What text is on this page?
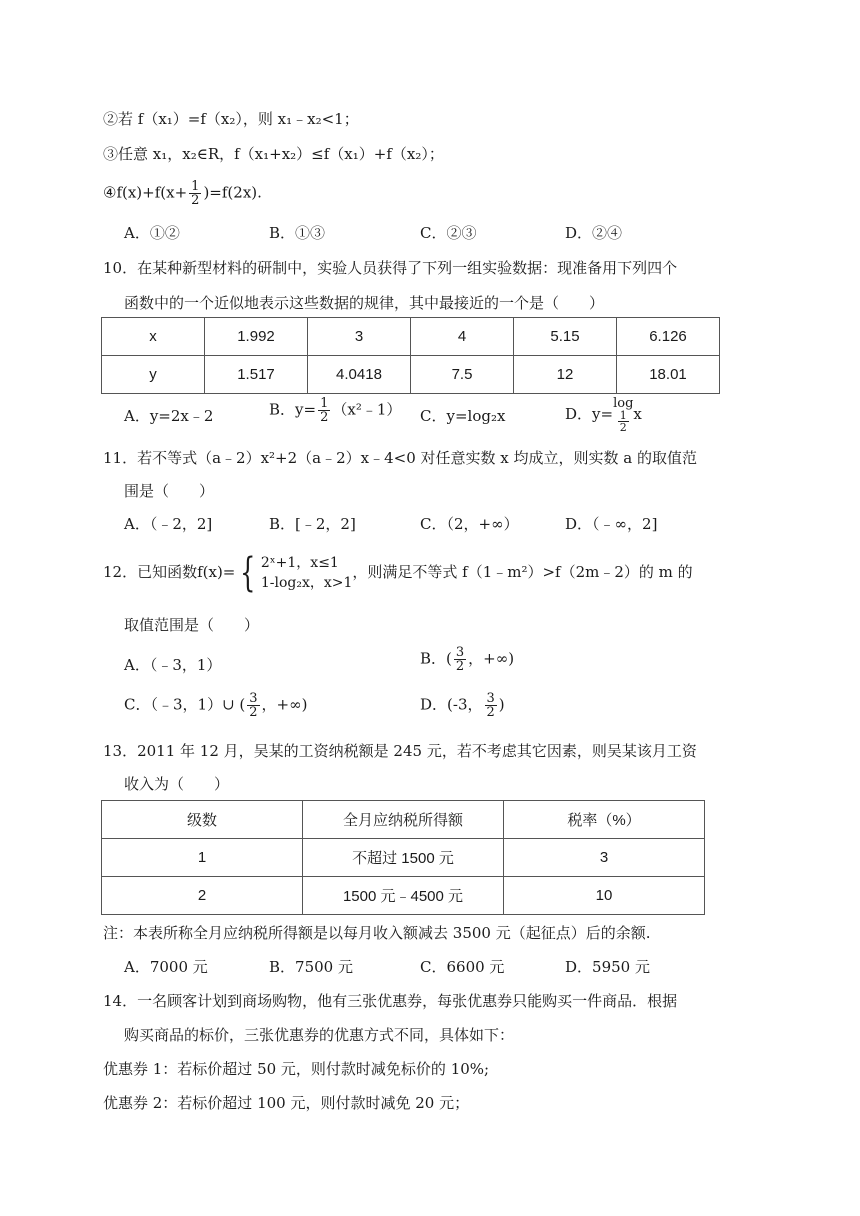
②若 f（x₁）=f（x₂），则 x₁﹣x₂<1；
③任意 x₁，x₂∈R，f（x₁+x₂）≤f（x₁）+f（x₂）；
④f(x)+f(x+ $\frac{1}{2} )=f(2x)$.
A．①②	B．①③	C．②③	D．②④
10．在某种新型材料的研制中，实验人员获得了下列一组实验数据：现准备用下列四个
函数中的一个近似地表示这些数据的规律，其中最接近的一个是（　　）
x	1.992	3	4	5.15	6.126
y	1.517	4.0418	7.5	12	18.01
A．y=2x﹣2	B．$y= \frac{1}{2}$ （x²﹣1） C．y=log₂x	D．y=
log
$\frac{1}{2}$ x
11．若不等式（a﹣2）x²+2（a﹣2）x﹣4<0 对任意实数 x 均成立，则实数 a 的取值范
围是（　　）
A．（﹣2，2]	B．[﹣2，2]	C．（2，+∞）	D．（﹣∞，2]
12．已知函数f(x)= { 2ˣ+1，x≤1
1-log₂x，x>1
，则满足不等式 f（1﹣m²）>f（2m﹣2）的 m 的
取值范围是（　　）
A．（﹣3，1）	B．( $\frac{3}{2}$ ，+∞)
C．（﹣3，1）∪ ( $\frac{3}{2}$ ，+∞)	D．(-3， $\frac{3}{2}$ )
13．2011 年 12 月，吴某的工资纳税额是 245 元，若不考虑其它因素，则吴某该月工资
收入为（　　）
级数	全月应纳税所得额	税率（%）
1	不超过 1500 元	3
2	1500 元﹣4500 元	10
注：本表所称全月应纳税所得额是以每月收入额减去 3500 元（起征点）后的余额.
A．7000 元	B．7500 元	C．6600 元	D．5950 元
14．一名顾客计划到商场购物，他有三张优惠券，每张优惠券只能购买一件商品．根据
购买商品的标价，三张优惠券的优惠方式不同，具体如下：
优惠券 1：若标价超过 50 元，则付款时减免标价的 10%;
优惠券 2：若标价超过 100 元，则付款时减免 20 元；
